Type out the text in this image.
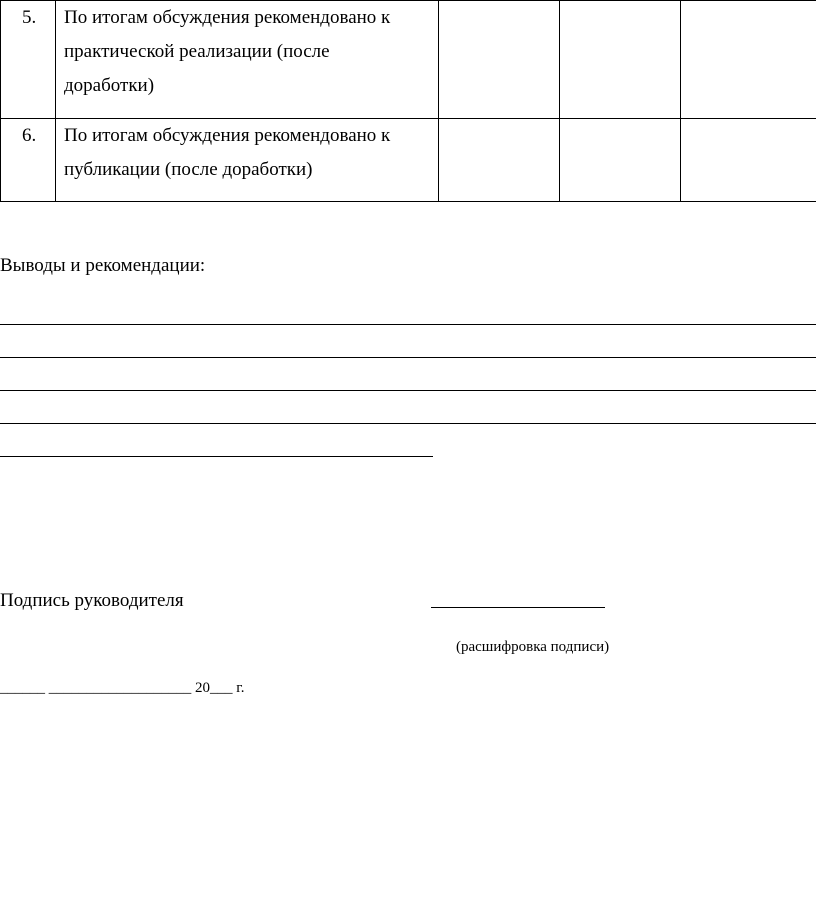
5.	По итогам обсуждения рекомендовано к
практической реализации (после
доработки)			

6.	По итогам обсуждения рекомендовано к
публикации (после доработки)			

Выводы и рекомендации:
Подпись руководителя
(расшифровка подписи)
______ ___________________ 20___ г.
